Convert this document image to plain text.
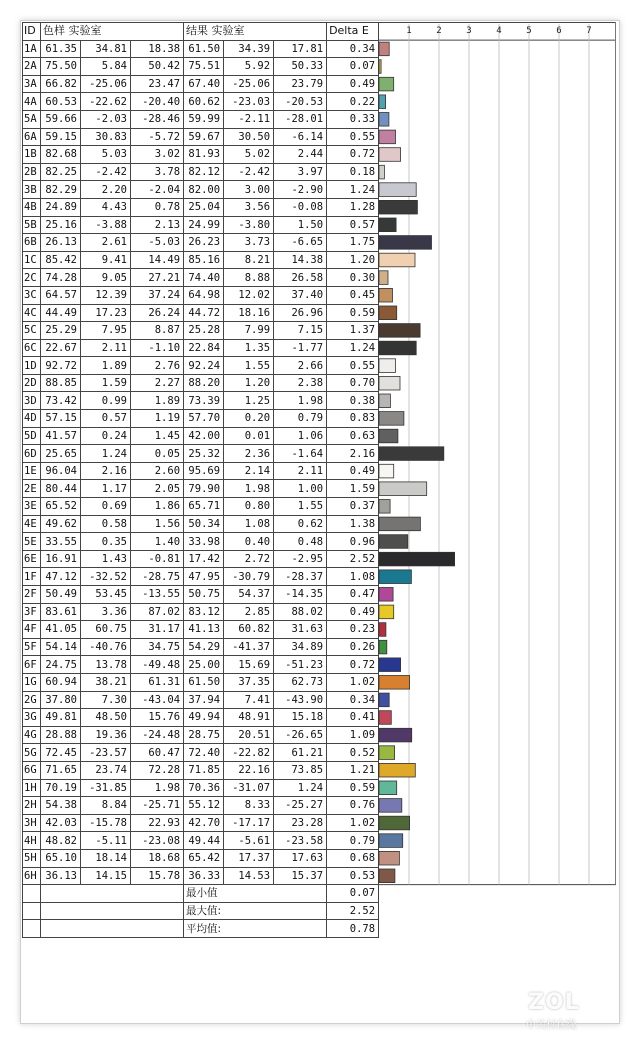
ID	色样 实验室			结果 实验室			Delta E
1A	61.35	34.81	18.38	61.50	34.39	17.81	0.34
2A	75.50	5.84	50.42	75.51	5.92	50.33	0.07
3A	66.82	-25.06	23.47	67.40	-25.06	23.79	0.49
4A	60.53	-22.62	-20.40	60.62	-23.03	-20.53	0.22
5A	59.66	-2.03	-28.46	59.99	-2.11	-28.01	0.33
6A	59.15	30.83	-5.72	59.67	30.50	-6.14	0.55
1B	82.68	5.03	3.02	81.93	5.02	2.44	0.72
2B	82.25	-2.42	3.78	82.12	-2.42	3.97	0.18
3B	82.29	2.20	-2.04	82.00	3.00	-2.90	1.24
4B	24.89	4.43	0.78	25.04	3.56	-0.08	1.28
5B	25.16	-3.88	2.13	24.99	-3.80	1.50	0.57
6B	26.13	2.61	-5.03	26.23	3.73	-6.65	1.75
1C	85.42	9.41	14.49	85.16	8.21	14.38	1.20
2C	74.28	9.05	27.21	74.40	8.88	26.58	0.30
3C	64.57	12.39	37.24	64.98	12.02	37.40	0.45
4C	44.49	17.23	26.24	44.72	18.16	26.96	0.59
5C	25.29	7.95	8.87	25.28	7.99	7.15	1.37
6C	22.67	2.11	-1.10	22.84	1.35	-1.77	1.24
1D	92.72	1.89	2.76	92.24	1.55	2.66	0.55
2D	88.85	1.59	2.27	88.20	1.20	2.38	0.70
3D	73.42	0.99	1.89	73.39	1.25	1.98	0.38
4D	57.15	0.57	1.19	57.70	0.20	0.79	0.83
5D	41.57	0.24	1.45	42.00	0.01	1.06	0.63
6D	25.65	1.24	0.05	25.32	2.36	-1.64	2.16
1E	96.04	2.16	2.60	95.69	2.14	2.11	0.49
2E	80.44	1.17	2.05	79.90	1.98	1.00	1.59
3E	65.52	0.69	1.86	65.71	0.80	1.55	0.37
4E	49.62	0.58	1.56	50.34	1.08	0.62	1.38
5E	33.55	0.35	1.40	33.98	0.40	0.48	0.96
6E	16.91	1.43	-0.81	17.42	2.72	-2.95	2.52
1F	47.12	-32.52	-28.75	47.95	-30.79	-28.37	1.08
2F	50.49	53.45	-13.55	50.75	54.37	-14.35	0.47
3F	83.61	3.36	87.02	83.12	2.85	88.02	0.49
4F	41.05	60.75	31.17	41.13	60.82	31.63	0.23
5F	54.14	-40.76	34.75	54.29	-41.37	34.89	0.26
6F	24.75	13.78	-49.48	25.00	15.69	-51.23	0.72
1G	60.94	38.21	61.31	61.50	37.35	62.73	1.02
2G	37.80	7.30	-43.04	37.94	7.41	-43.90	0.34
3G	49.81	48.50	15.76	49.94	48.91	15.18	0.41
4G	28.88	19.36	-24.48	28.75	20.51	-26.65	1.09
5G	72.45	-23.57	60.47	72.40	-22.82	61.21	0.52
6G	71.65	23.74	72.28	71.85	22.16	73.85	1.21
1H	70.19	-31.85	1.98	70.36	-31.07	1.24	0.59
2H	54.38	8.84	-25.71	55.12	8.33	-25.27	0.76
3H	42.03	-15.78	22.93	42.70	-17.17	23.28	1.02
4H	48.82	-5.11	-23.08	49.44	-5.61	-23.58	0.79
5H	65.10	18.14	18.68	65.42	17.37	17.63	0.68
6H	36.13	14.15	15.78	36.33	14.53	15.37	0.53
				最小值			0.07
				最大值:			2.52
				平均值:			0.78
1	2	3	4	5	6	7
ZOL
中关村在线
